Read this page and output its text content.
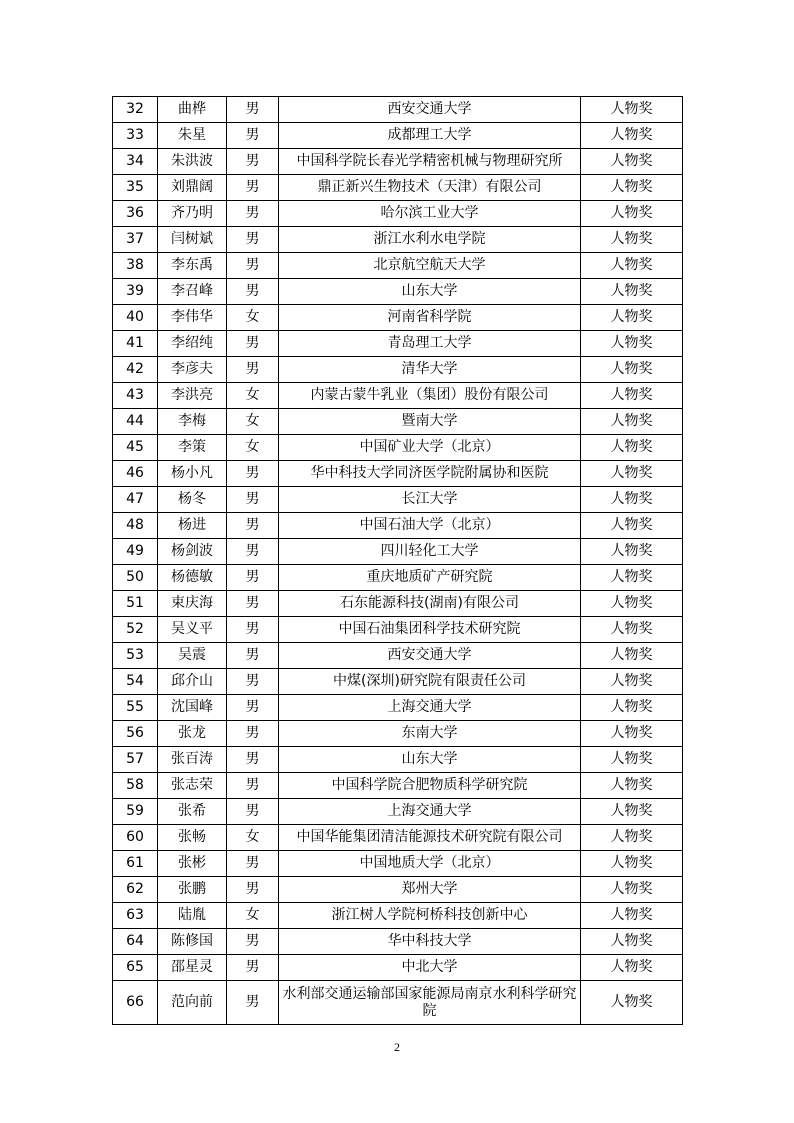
32	曲桦	男	西安交通大学	人物奖
33	朱星	男	成都理工大学	人物奖
34	朱洪波	男	中国科学院长春光学精密机械与物理研究所	人物奖
35	刘鼎阔	男	鼎正新兴生物技术（天津）有限公司	人物奖
36	齐乃明	男	哈尔滨工业大学	人物奖
37	闫树斌	男	浙江水利水电学院	人物奖
38	李东禹	男	北京航空航天大学	人物奖
39	李召峰	男	山东大学	人物奖
40	李伟华	女	河南省科学院	人物奖
41	李绍纯	男	青岛理工大学	人物奖
42	李彦夫	男	清华大学	人物奖
43	李洪亮	女	内蒙古蒙牛乳业（集团）股份有限公司	人物奖
44	李梅	女	暨南大学	人物奖
45	李策	女	中国矿业大学（北京）	人物奖
46	杨小凡	男	华中科技大学同济医学院附属协和医院	人物奖
47	杨冬	男	长江大学	人物奖
48	杨进	男	中国石油大学（北京）	人物奖
49	杨剑波	男	四川轻化工大学	人物奖
50	杨德敏	男	重庆地质矿产研究院	人物奖
51	束庆海	男	石东能源科技(湖南)有限公司	人物奖
52	吴义平	男	中国石油集团科学技术研究院	人物奖
53	吴震	男	西安交通大学	人物奖
54	邱介山	男	中煤(深圳)研究院有限责任公司	人物奖
55	沈国峰	男	上海交通大学	人物奖
56	张龙	男	东南大学	人物奖
57	张百涛	男	山东大学	人物奖
58	张志荣	男	中国科学院合肥物质科学研究院	人物奖
59	张希	男	上海交通大学	人物奖
60	张畅	女	中国华能集团清洁能源技术研究院有限公司	人物奖
61	张彬	男	中国地质大学（北京）	人物奖
62	张鹏	男	郑州大学	人物奖
63	陆胤	女	浙江树人学院柯桥科技创新中心	人物奖
64	陈修国	男	华中科技大学	人物奖
65	邵星灵	男	中北大学	人物奖
66	范向前	男	水利部交通运输部国家能源局南京水利科学研究院	人物奖
2
